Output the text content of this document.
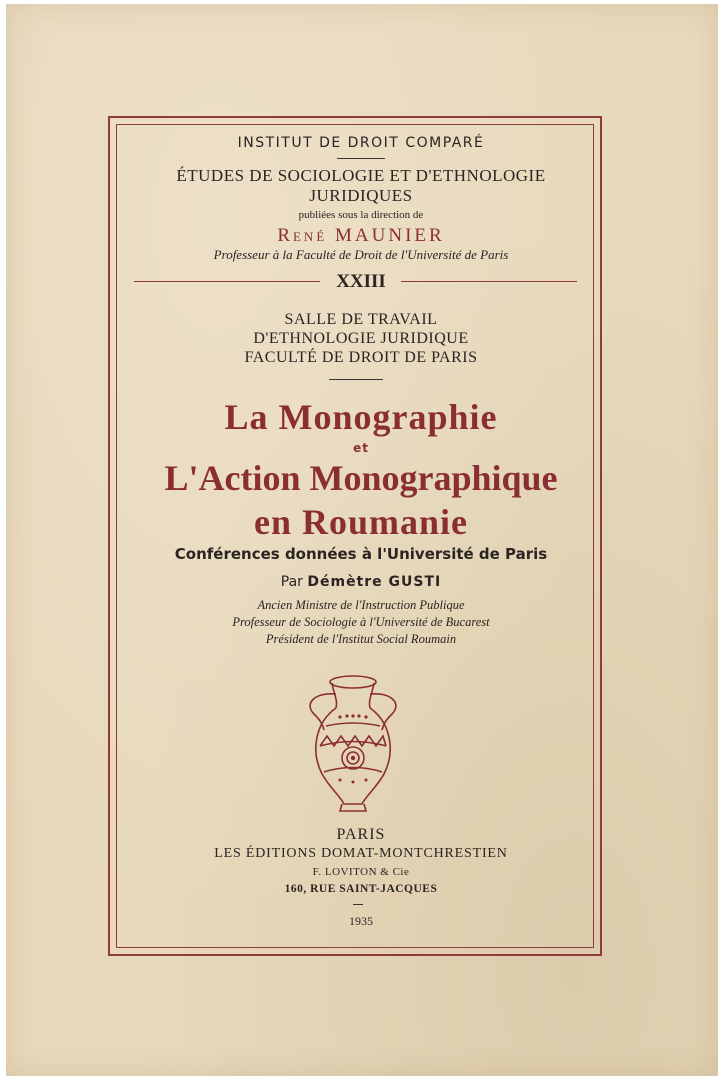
INSTITUT DE DROIT COMPARÉ
ÉTUDES DE SOCIOLOGIE ET D'ETHNOLOGIE
JURIDIQUES
publiées sous la direction de
René MAUNIER
Professeur à la Faculté de Droit de l'Université de Paris
XXIII
SALLE DE TRAVAIL
D'ETHNOLOGIE JURIDIQUE
FACULTÉ DE DROIT DE PARIS
La Monographie
et
L'Action Monographique
en Roumanie
Conférences données à l'Université de Paris
Par Démètre GUSTI
Ancien Ministre de l'Instruction Publique
Professeur de Sociologie à l'Université de Bucarest
Président de l'Institut Social Roumain
PARIS
LES ÉDITIONS DOMAT-MONTCHRESTIEN
F. LOVITON & Cie
160, RUE SAINT-JACQUES
1935
